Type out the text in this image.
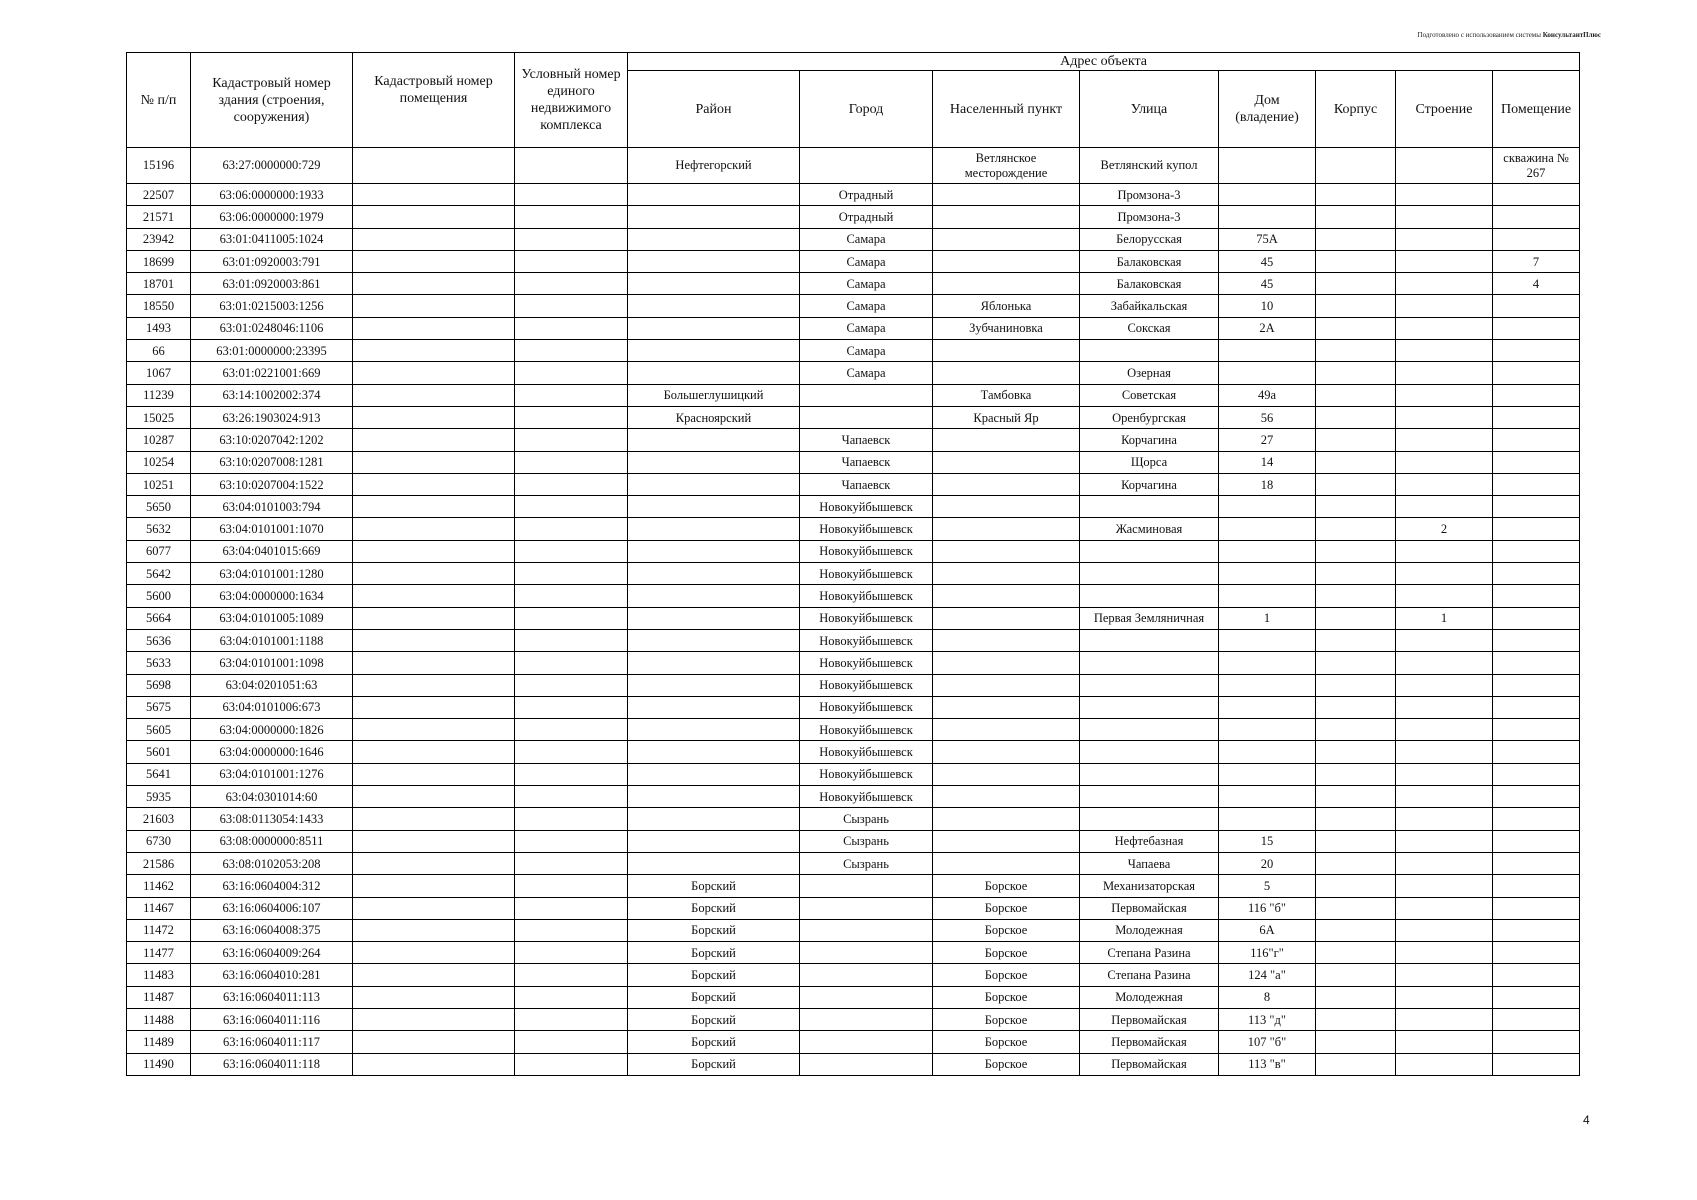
Подготовлено с использованием системы КонсультантПлюс
№ п/п	Кадастровый номер здания (строения, сооружения)	Кадастровый номер помещения	Условный номер единого недвижимого комплекса	Адрес объекта							
				Район	Город	Населенный пункт	Улица	Дом (владение)	Корпус	Строение	Помещение
15196	63:27:0000000:729			Нефтегорский		Ветлянское месторождение	Ветлянский купол				скважина № 267
22507	63:06:0000000:1933				Отрадный		Промзона-3				
21571	63:06:0000000:1979				Отрадный		Промзона-3				
23942	63:01:0411005:1024				Самара		Белорусская	75А			
18699	63:01:0920003:791				Самара		Балаковская	45			7
18701	63:01:0920003:861				Самара		Балаковская	45			4
18550	63:01:0215003:1256				Самара	Яблонька	Забайкальская	10			
1493	63:01:0248046:1106				Самара	Зубчаниновка	Сокская	2А			
66	63:01:0000000:23395				Самара						
1067	63:01:0221001:669				Самара		Озерная				
11239	63:14:1002002:374			Большеглушицкий		Тамбовка	Советская	49а			
15025	63:26:1903024:913			Красноярский		Красный Яр	Оренбургская	56			
10287	63:10:0207042:1202				Чапаевск		Корчагина	27			
10254	63:10:0207008:1281				Чапаевск		Щорса	14			
10251	63:10:0207004:1522				Чапаевск		Корчагина	18			
5650	63:04:0101003:794				Новокуйбышевск						
5632	63:04:0101001:1070				Новокуйбышевск		Жасминовая			2	
6077	63:04:0401015:669				Новокуйбышевск						
5642	63:04:0101001:1280				Новокуйбышевск						
5600	63:04:0000000:1634				Новокуйбышевск						
5664	63:04:0101005:1089				Новокуйбышевск		Первая Земляничная	1		1	
5636	63:04:0101001:1188				Новокуйбышевск						
5633	63:04:0101001:1098				Новокуйбышевск						
5698	63:04:0201051:63				Новокуйбышевск						
5675	63:04:0101006:673				Новокуйбышевск						
5605	63:04:0000000:1826				Новокуйбышевск						
5601	63:04:0000000:1646				Новокуйбышевск						
5641	63:04:0101001:1276				Новокуйбышевск						
5935	63:04:0301014:60				Новокуйбышевск						
21603	63:08:0113054:1433				Сызрань						
6730	63:08:0000000:8511				Сызрань		Нефтебазная	15			
21586	63:08:0102053:208				Сызрань		Чапаева	20			
11462	63:16:0604004:312			Борский		Борское	Механизаторская	5			
11467	63:16:0604006:107			Борский		Борское	Первомайская	116 "б"			
11472	63:16:0604008:375			Борский		Борское	Молодежная	6А			
11477	63:16:0604009:264			Борский		Борское	Степана Разина	116"г"			
11483	63:16:0604010:281			Борский		Борское	Степана Разина	124 "а"			
11487	63:16:0604011:113			Борский		Борское	Молодежная	8			
11488	63:16:0604011:116			Борский		Борское	Первомайская	113 "д"			
11489	63:16:0604011:117			Борский		Борское	Первомайская	107 "б"			
11490	63:16:0604011:118			Борский		Борское	Первомайская	113 "в"			
4
